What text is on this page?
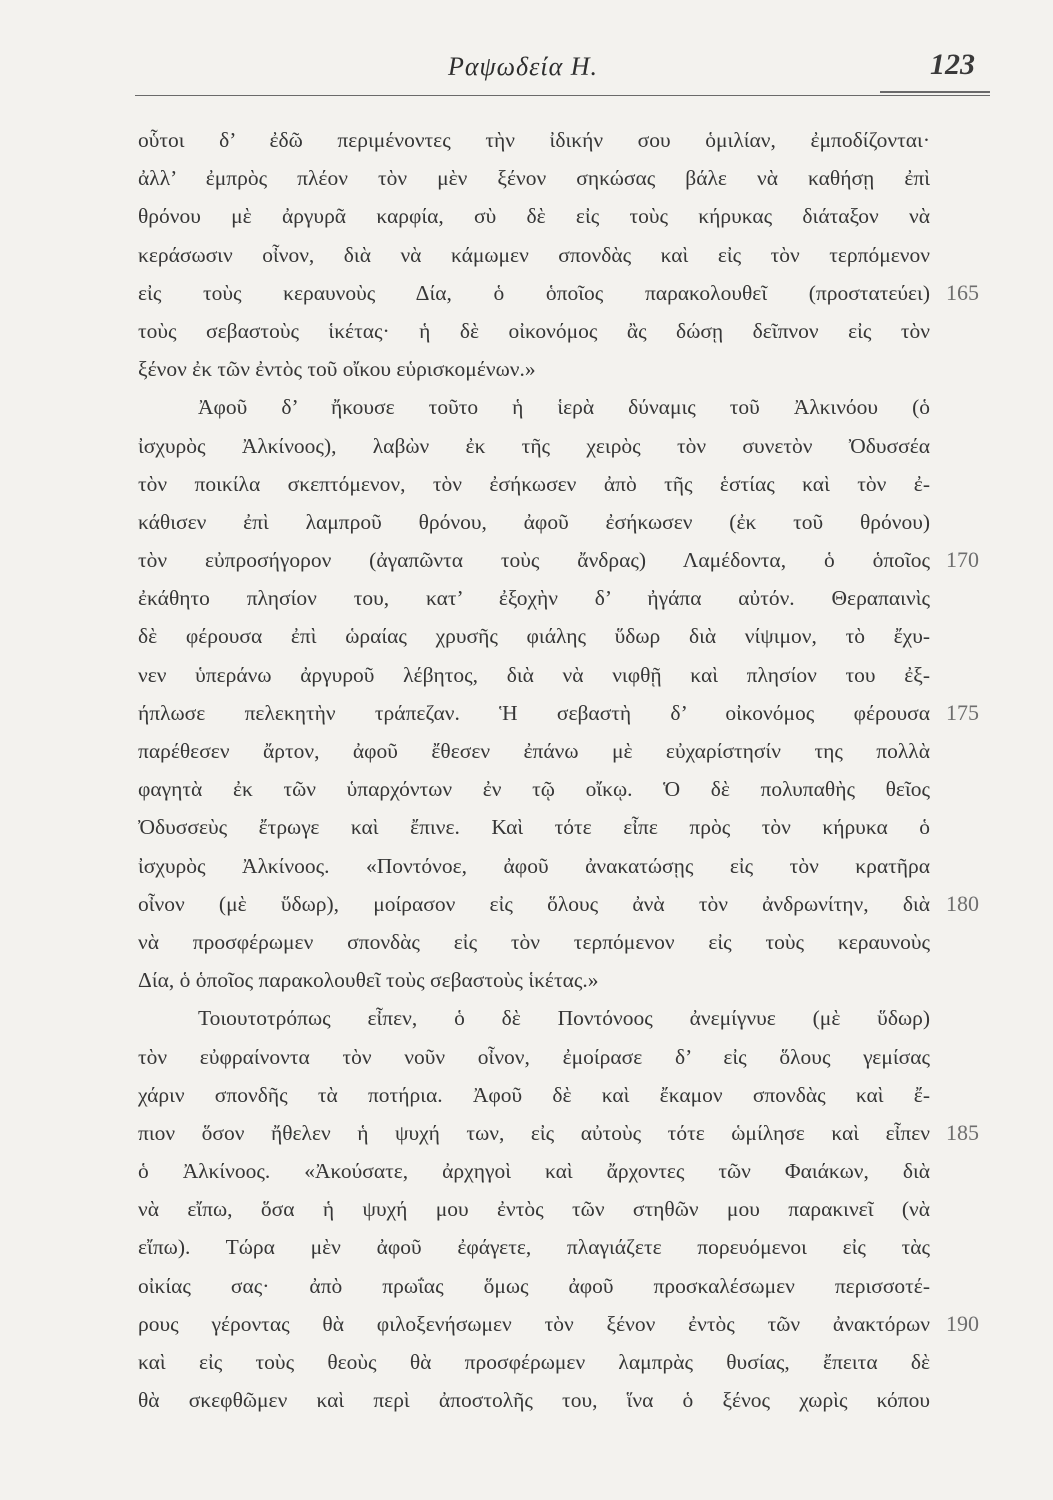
Ραψωδεία Η.	123
οὗτοι δ’ ἐδῶ περιμένοντες τὴν ἰδικήν σου ὁμιλίαν, ἐμποδίζονται·
ἀλλ’ ἐμπρὸς πλέον τὸν μὲν ξένον σηκώσας βάλε νὰ καθήσῃ ἐπὶ
θρόνου μὲ ἀργυρᾶ καρφία, σὺ δὲ εἰς τοὺς κήρυκας διάταξον νὰ
κεράσωσιν οἶνον, διὰ νὰ κάμωμεν σπονδὰς καὶ εἰς τὸν τερπόμενον
εἰς τοὺς κεραυνοὺς Δία, ὁ ὁποῖος παρακολουθεῖ (προστατεύει) 165
τοὺς σεβαστοὺς ἱκέτας· ἡ δὲ οἰκονόμος ἂς δώσῃ δεῖπνον εἰς τὸν
ξένον ἐκ τῶν ἐντὸς τοῦ οἴκου εὑρισκομένων.»
Ἀφοῦ δ’ ἤκουσε τοῦτο ἡ ἱερὰ δύναμις τοῦ Ἀλκινόου (ὁ
ἰσχυρὸς Ἀλκίνοος), λαβὼν ἐκ τῆς χειρὸς τὸν συνετὸν Ὀδυσσέα
τὸν ποικίλα σκεπτόμενον, τὸν ἐσήκωσεν ἀπὸ τῆς ἑστίας καὶ τὸν ἐ-
κάθισεν ἐπὶ λαμπροῦ θρόνου, ἀφοῦ ἐσήκωσεν (ἐκ τοῦ θρόνου)
τὸν εὐπροσήγορον (ἀγαπῶντα τοὺς ἄνδρας) Λαμέδοντα, ὁ ὁποῖος 170
ἐκάθητο πλησίον του, κατ’ ἐξοχὴν δ’ ἠγάπα αὐτόν. Θεραπαινὶς
δὲ φέρουσα ἐπὶ ὡραίας χρυσῆς φιάλης ὕδωρ διὰ νίψιμον, τὸ ἔχυ-
νεν ὑπεράνω ἀργυροῦ λέβητος, διὰ νὰ νιφθῇ καὶ πλησίον του ἐξ-
ήπλωσε πελεκητὴν τράπεζαν. Ἡ σεβαστὴ δ’ οἰκονόμος φέρουσα 175
παρέθεσεν ἄρτον, ἀφοῦ ἔθεσεν ἐπάνω μὲ εὐχαρίστησίν της πολλὰ
φαγητὰ ἐκ τῶν ὑπαρχόντων ἐν τῷ οἴκῳ. Ὁ δὲ πολυπαθὴς θεῖος
Ὀδυσσεὺς ἔτρωγε καὶ ἔπινε. Καὶ τότε εἶπε πρὸς τὸν κήρυκα ὁ
ἰσχυρὸς Ἀλκίνοος. «Ποντόνοε, ἀφοῦ ἀνακατώσῃς εἰς τὸν κρατῆρα
οἶνον (μὲ ὕδωρ), μοίρασον εἰς ὅλους ἀνὰ τὸν ἀνδρωνίτην, διὰ 180
νὰ προσφέρωμεν σπονδὰς εἰς τὸν τερπόμενον εἰς τοὺς κεραυνοὺς
Δία, ὁ ὁποῖος παρακολουθεῖ τοὺς σεβαστοὺς ἱκέτας.»
Τοιουτοτρόπως εἶπεν, ὁ δὲ Ποντόνοος ἀνεμίγνυε (μὲ ὕδωρ)
τὸν εὐφραίνοντα τὸν νοῦν οἶνον, ἐμοίρασε δ’ εἰς ὅλους γεμίσας
χάριν σπονδῆς τὰ ποτήρια. Ἀφοῦ δὲ καὶ ἔκαμον σπονδὰς καὶ ἔ-
πιον ὅσον ἤθελεν ἡ ψυχή των, εἰς αὐτοὺς τότε ὡμίλησε καὶ εἶπεν 185
ὁ Ἀλκίνοος. «Ἀκούσατε, ἀρχηγοὶ καὶ ἄρχοντες τῶν Φαιάκων, διὰ
νὰ εἴπω, ὅσα ἡ ψυχή μου ἐντὸς τῶν στηθῶν μου παρακινεῖ (νὰ
εἴπω). Τώρα μὲν ἀφοῦ ἐφάγετε, πλαγιάζετε πορευόμενοι εἰς τὰς
οἰκίας σας· ἀπὸ πρωΐας ὅμως ἀφοῦ προσκαλέσωμεν περισσοτέ-
ρους γέροντας θὰ φιλοξενήσωμεν τὸν ξένον ἐντὸς τῶν ἀνακτόρων 190
καὶ εἰς τοὺς θεοὺς θὰ προσφέρωμεν λαμπρὰς θυσίας, ἔπειτα δὲ
θὰ σκεφθῶμεν καὶ περὶ ἀποστολῆς του, ἵνα ὁ ξένος χωρὶς κόπου
